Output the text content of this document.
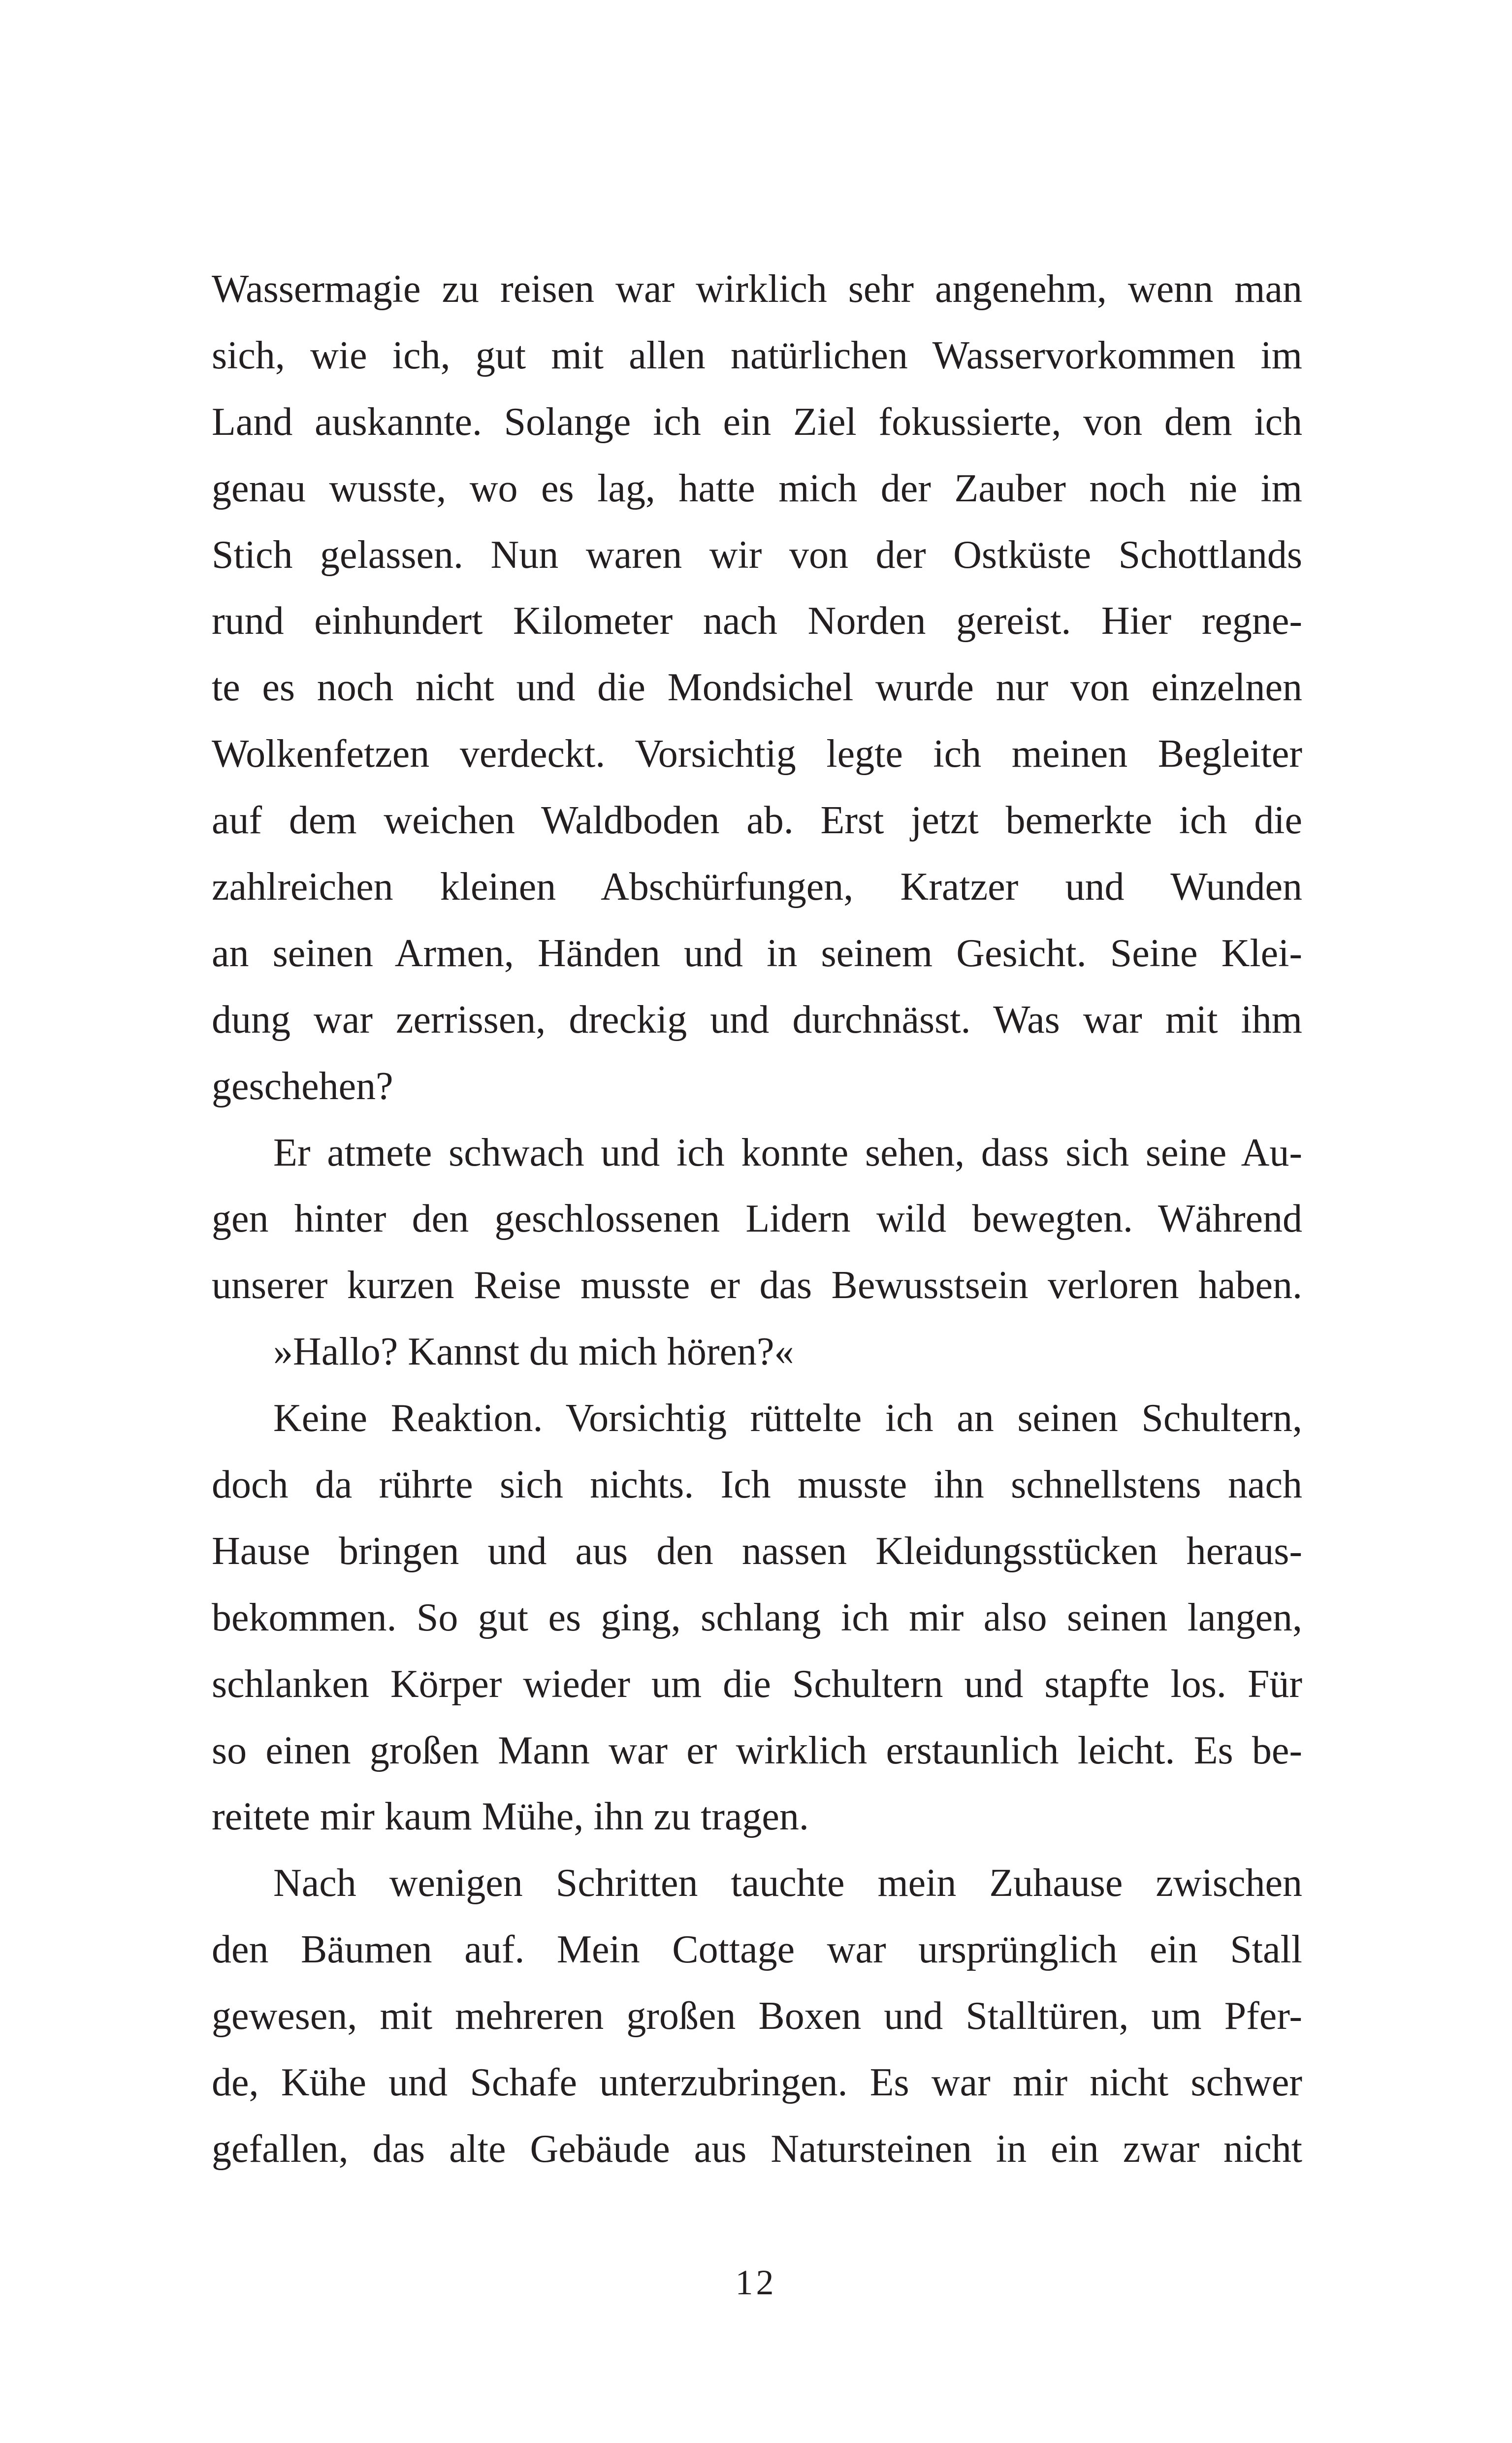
Wassermagie zu reisen war wirklich sehr angenehm, wenn man
sich, wie ich, gut mit allen natürlichen Wasservorkommen im
Land auskannte. Solange ich ein Ziel fokussierte, von dem ich
genau wusste, wo es lag, hatte mich der Zauber noch nie im
Stich gelassen. Nun waren wir von der Ostküste Schottlands
rund einhundert Kilometer nach Norden gereist. Hier regne-
te es noch nicht und die Mondsichel wurde nur von einzelnen
Wolkenfetzen verdeckt. Vorsichtig legte ich meinen Begleiter
auf dem weichen Waldboden ab. Erst jetzt bemerkte ich die
zahlreichen kleinen Abschürfungen, Kratzer und Wunden
an seinen Armen, Händen und in seinem Gesicht. Seine Klei-
dung war zerrissen, dreckig und durchnässt. Was war mit ihm
geschehen?
Er atmete schwach und ich konnte sehen, dass sich seine Au-
gen hinter den geschlossenen Lidern wild bewegten. Während
unserer kurzen Reise musste er das Bewusstsein verloren haben.
»Hallo? Kannst du mich hören?«
Keine Reaktion. Vorsichtig rüttelte ich an seinen Schultern,
doch da rührte sich nichts. Ich musste ihn schnellstens nach
Hause bringen und aus den nassen Kleidungsstücken heraus-
bekommen. So gut es ging, schlang ich mir also seinen langen,
schlanken Körper wieder um die Schultern und stapfte los. Für
so einen großen Mann war er wirklich erstaunlich leicht. Es be-
reitete mir kaum Mühe, ihn zu tragen.
Nach wenigen Schritten tauchte mein Zuhause zwischen
den Bäumen auf. Mein Cottage war ursprünglich ein Stall
gewesen, mit mehreren großen Boxen und Stalltüren, um Pfer-
de, Kühe und Schafe unterzubringen. Es war mir nicht schwer
gefallen, das alte Gebäude aus Natursteinen in ein zwar nicht
12
